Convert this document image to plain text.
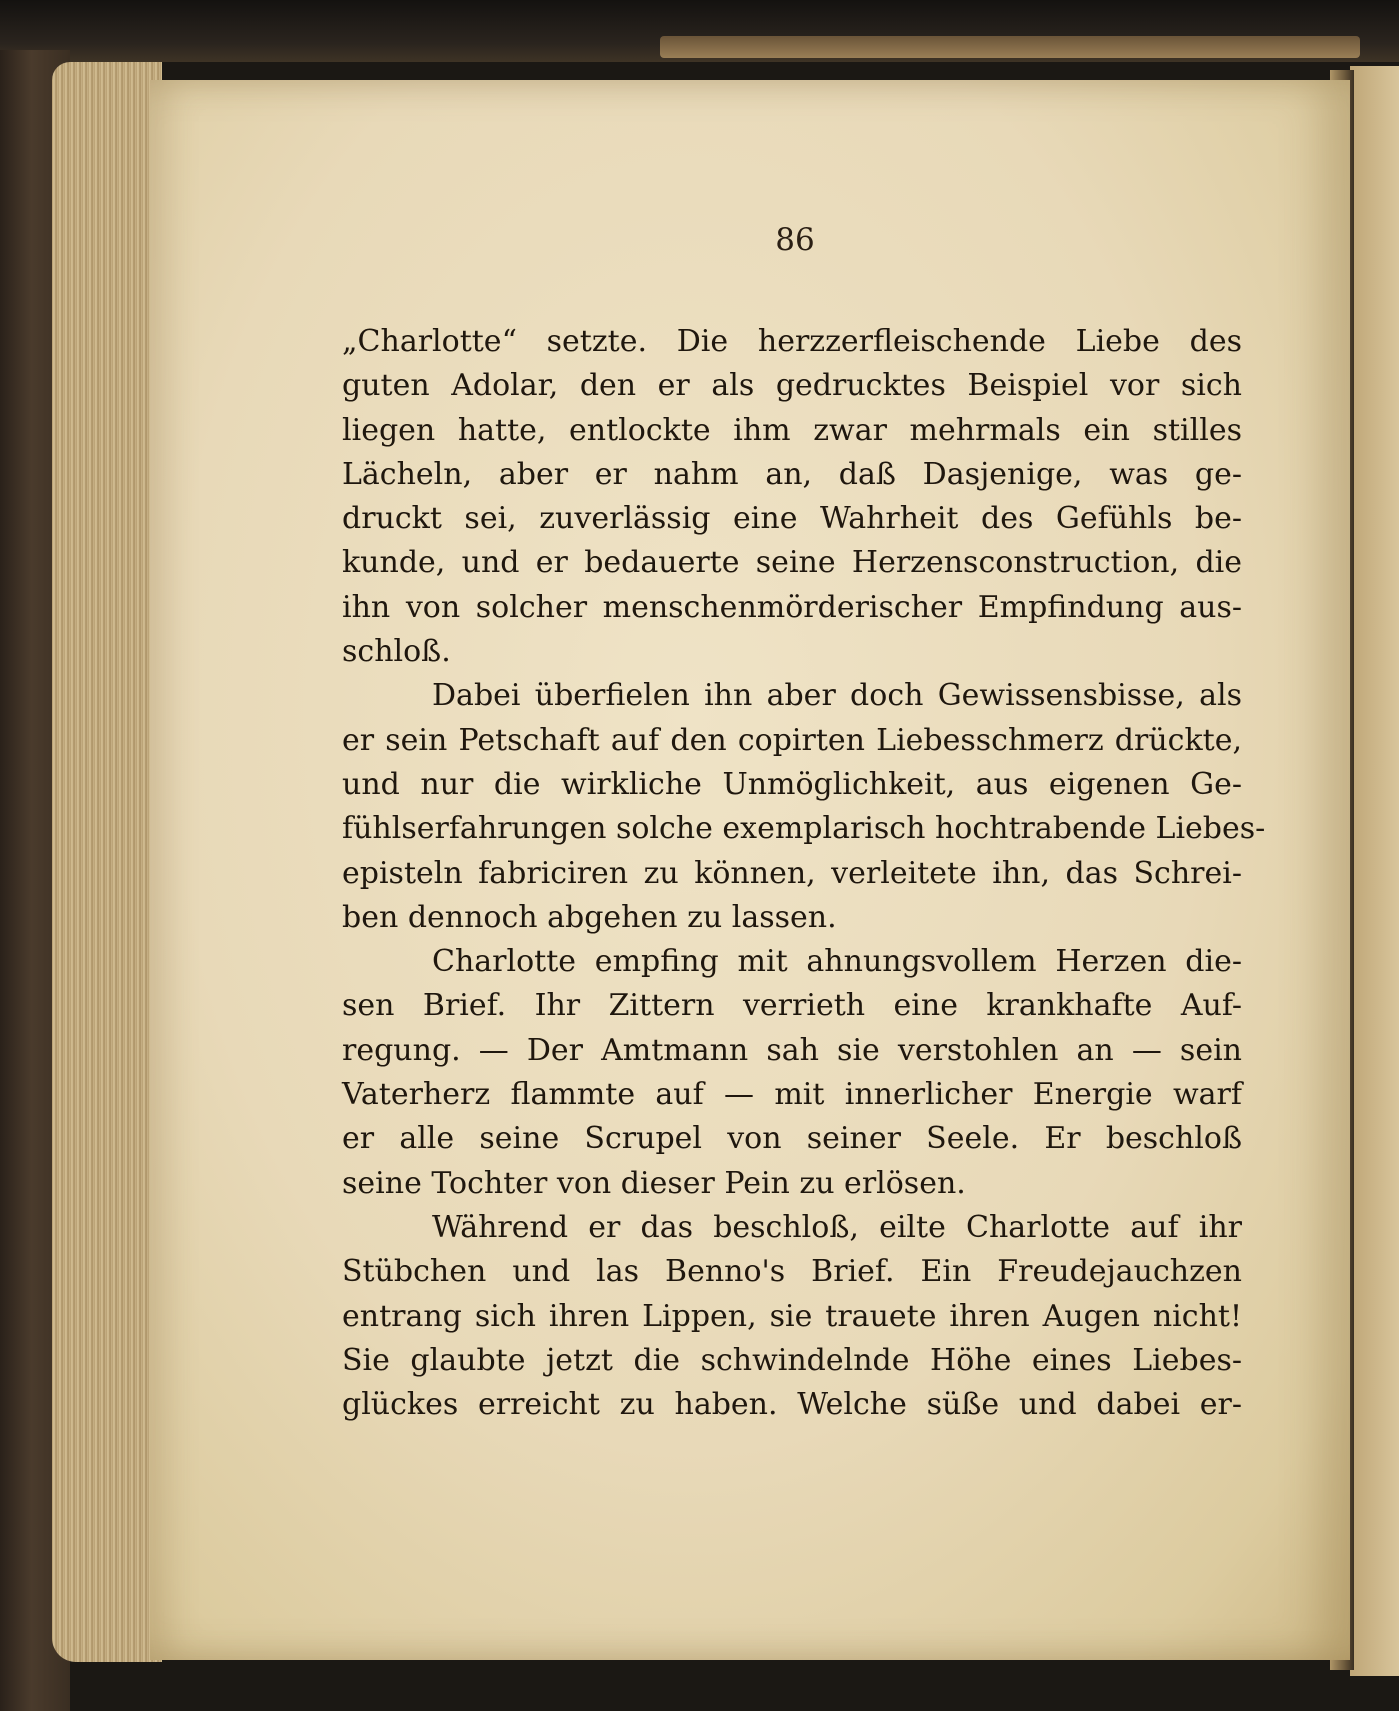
86
„Charlotte“ setzte. Die herzzerfleischende Liebe des
guten Adolar, den er als gedrucktes Beispiel vor sich
liegen hatte, entlockte ihm zwar mehrmals ein stilles
Lächeln, aber er nahm an, daß Dasjenige, was ge-
druckt sei, zuverlässig eine Wahrheit des Gefühls be-
kunde, und er bedauerte seine Herzensconstruction, die
ihn von solcher menschenmörderischer Empfindung aus-
schloß.
Dabei überfielen ihn aber doch Gewissensbisse, als
er sein Petschaft auf den copirten Liebesschmerz drückte,
und nur die wirkliche Unmöglichkeit, aus eigenen Ge-
fühlserfahrungen solche exemplarisch hochtrabende Liebes-
episteln fabriciren zu können, verleitete ihn, das Schrei-
ben dennoch abgehen zu lassen.
Charlotte empfing mit ahnungsvollem Herzen die-
sen Brief. Ihr Zittern verrieth eine krankhafte Auf-
regung. — Der Amtmann sah sie verstohlen an — sein
Vaterherz flammte auf — mit innerlicher Energie warf
er alle seine Scrupel von seiner Seele. Er beschloß
seine Tochter von dieser Pein zu erlösen.
Während er das beschloß, eilte Charlotte auf ihr
Stübchen und las Benno's Brief. Ein Freudejauchzen
entrang sich ihren Lippen, sie trauete ihren Augen nicht!
Sie glaubte jetzt die schwindelnde Höhe eines Liebes-
glückes erreicht zu haben. Welche süße und dabei er-
